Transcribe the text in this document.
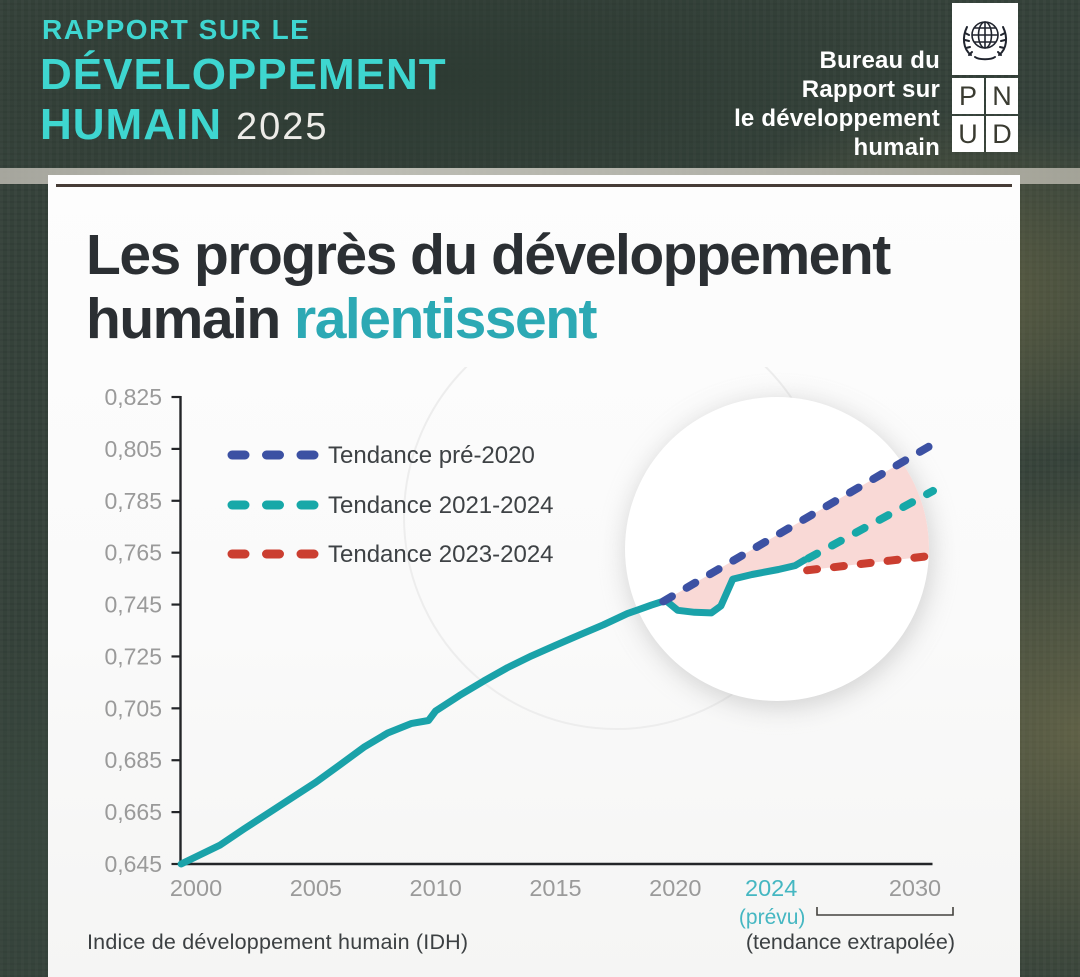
RAPPORT SUR LE
DÉVELOPPEMENT
HUMAIN 2025
Bureau du
Rapport sur
le développement
humain
P N
U D
Les progrès du développement
humain ralentissent
0,825
0,805
0,785
0,765
0,745
0,725
0,705
0,685
0,665
0,645
2000	2005	2010	2015	2020 2024
(prévu)
2030
Tendance pré-2020
Tendance 2021-2024
Tendance 2023-2024
(tendance extrapolée)
Indice de développement humain (IDH)
